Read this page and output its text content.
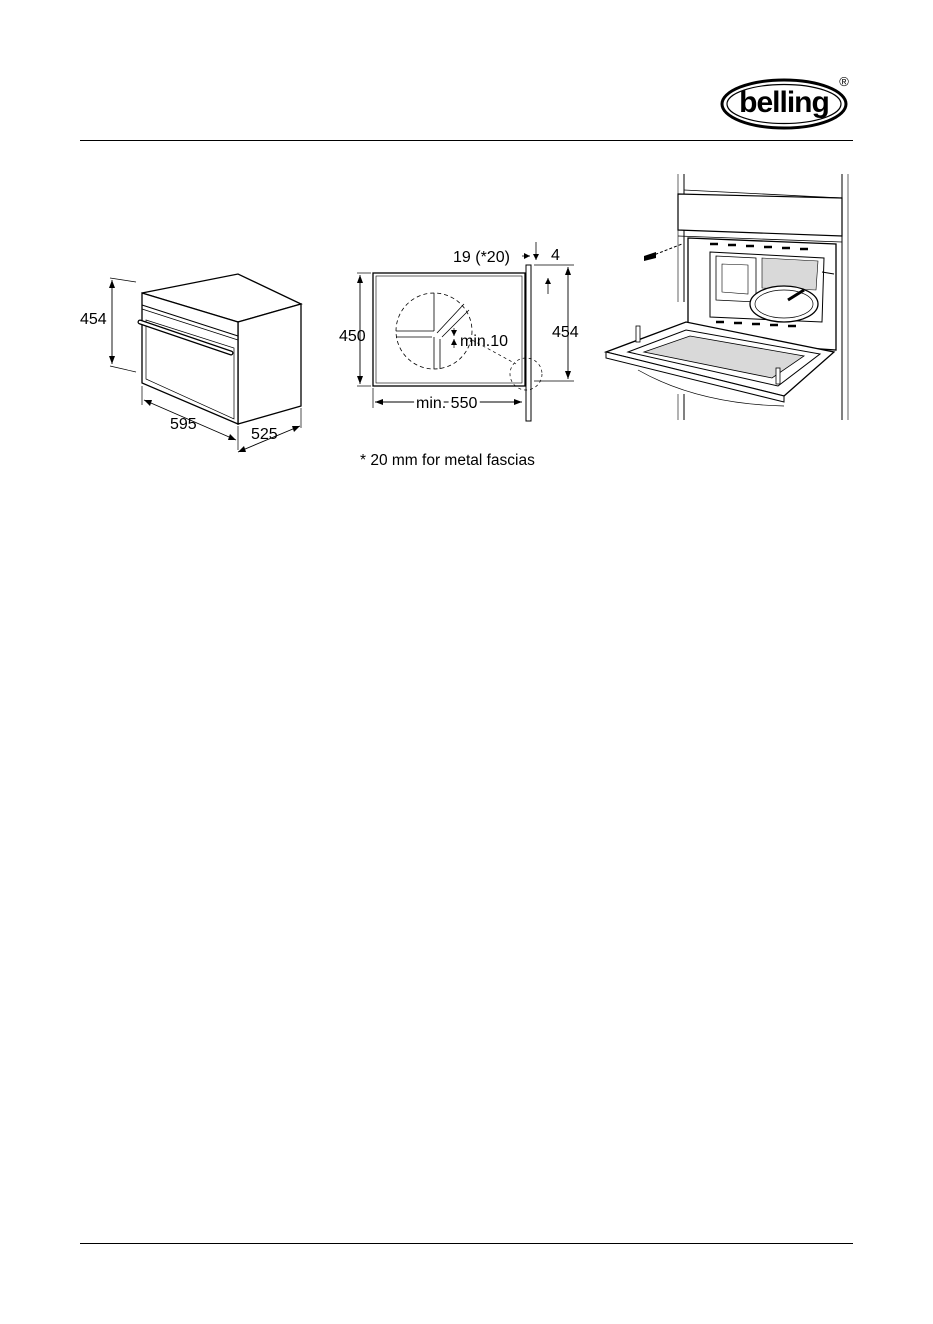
belling
®
454
595
525
19 (*20)	4
min.10
450	454
min. 550
* 20 mm for metal fascias
